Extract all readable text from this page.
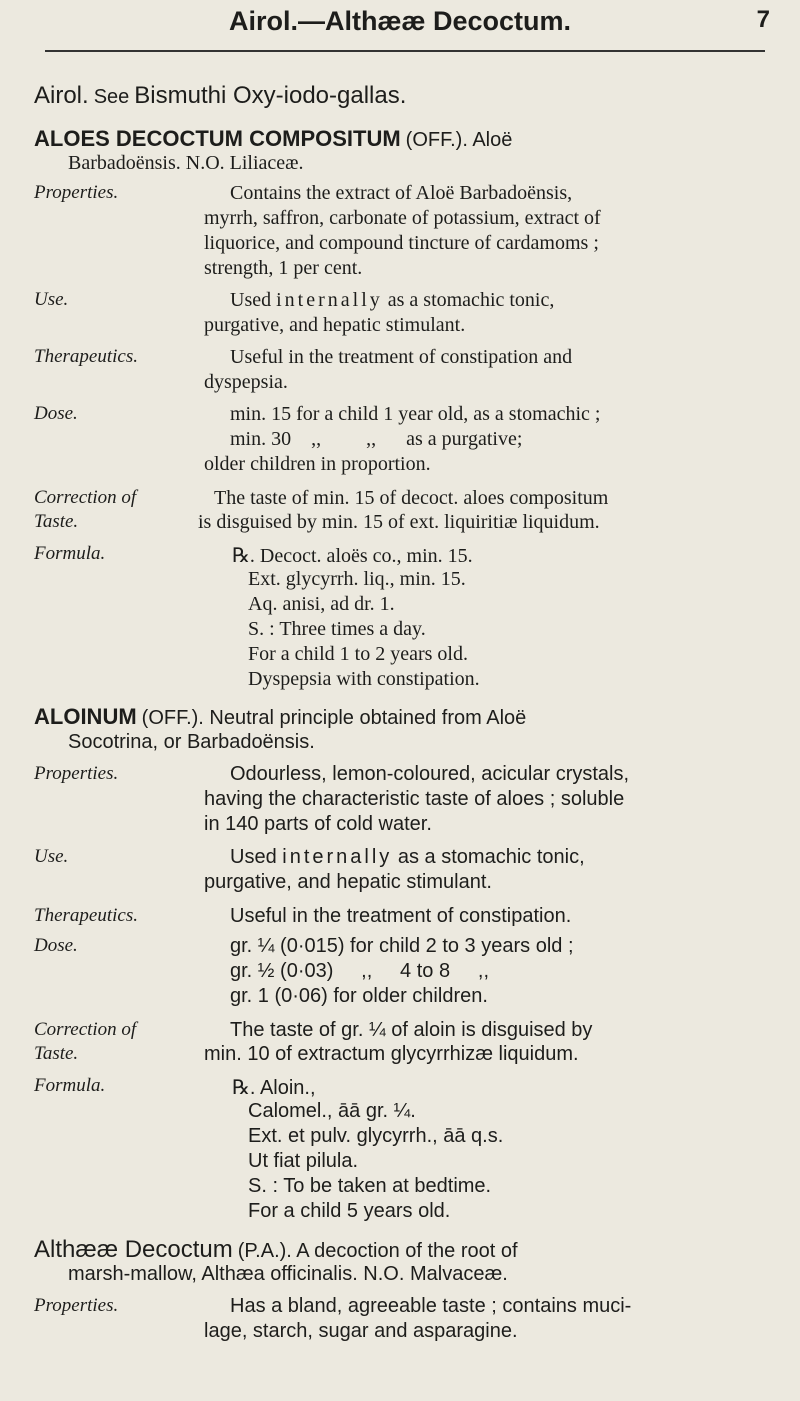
Airol.—Althææ Decoctum.	7
Airol. See Bismuthi Oxy-iodo-gallas.
ALOES DECOCTUM COMPOSITUM (OFF.). Aloë
Barbadoënsis. N.O. Liliaceæ.
Properties.	Contains the extract of Aloë Barbadoënsis,
myrrh, saffron, carbonate of potassium, extract of
liquorice, and compound tincture of cardamoms ;
strength, 1 per cent.
Use.	Used internally as a stomachic tonic,
purgative, and hepatic stimulant.
Therapeutics.	Useful in the treatment of constipation and
dyspepsia.
Dose.	min. 15 for a child 1 year old, as a stomachic ;
min. 30    ,,         ,,      as a purgative;
older children in proportion.
Correction of
Taste.
The taste of min. 15 of decoct. aloes compositum
is disguised by min. 15 of ext. liquiritiæ liquidum.
Formula.	℞. Decoct. aloës co., min. 15.
Ext. glycyrrh. liq., min. 15.
Aq. anisi, ad dr. 1.
S. : Three times a day.
For a child 1 to 2 years old.
Dyspepsia with constipation.
ALOINUM (OFF.). Neutral principle obtained from Aloë
Socotrina, or Barbadoënsis.
Properties.	Odourless, lemon-coloured, acicular crystals,
having the characteristic taste of aloes ; soluble
in 140 parts of cold water.
Use.	Used internally as a stomachic tonic,
purgative, and hepatic stimulant.
Therapeutics.	Useful in the treatment of constipation.
Dose.	gr. ¼ (0·015) for child 2 to 3 years old ;
gr. ½ (0·03)     ,,     4 to 8     ,,
gr. 1 (0·06) for older children.
Correction of
Taste.
The taste of gr. ¼ of aloin is disguised by
min. 10 of extractum glycyrrhizæ liquidum.
Formula.	℞. Aloin.,
Calomel., āā gr. ¼.
Ext. et pulv. glycyrrh., āā q.s.
Ut fiat pilula.
S. : To be taken at bedtime.
For a child 5 years old.
Althææ Decoctum (P.A.). A decoction of the root of
marsh-mallow, Althæa officinalis. N.O. Malvaceæ.
Properties.	Has a bland, agreeable taste ; contains muci-
lage, starch, sugar and asparagine.
